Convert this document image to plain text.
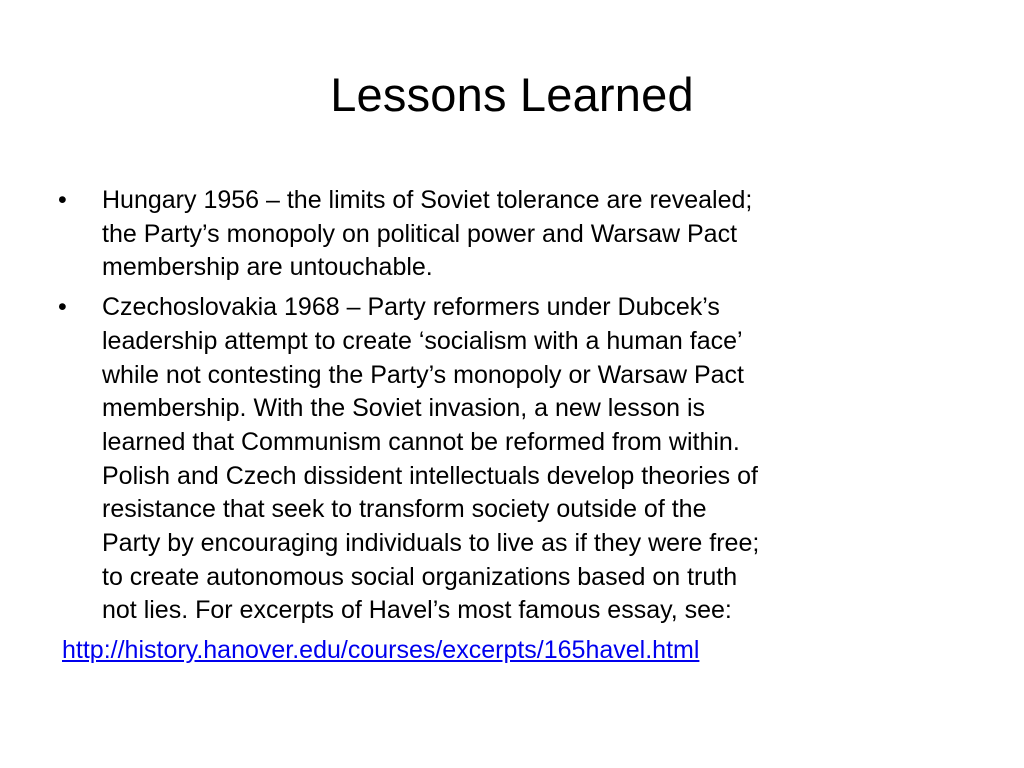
Lessons Learned
• Hungary 1956 – the limits of Soviet tolerance are revealed;
the Party’s monopoly on political power and Warsaw Pact
membership are untouchable.
• Czechoslovakia 1968 – Party reformers under Dubcek’s
leadership attempt to create ‘socialism with a human face’
while not contesting the Party’s monopoly or Warsaw Pact
membership. With the Soviet invasion, a new lesson is
learned that Communism cannot be reformed from within.
Polish and Czech dissident intellectuals develop theories of
resistance that seek to transform society outside of the
Party by encouraging individuals to live as if they were free;
to create autonomous social organizations based on truth
not lies. For excerpts of Havel’s most famous essay, see:
http://history.hanover.edu/courses/excerpts/165havel.html
